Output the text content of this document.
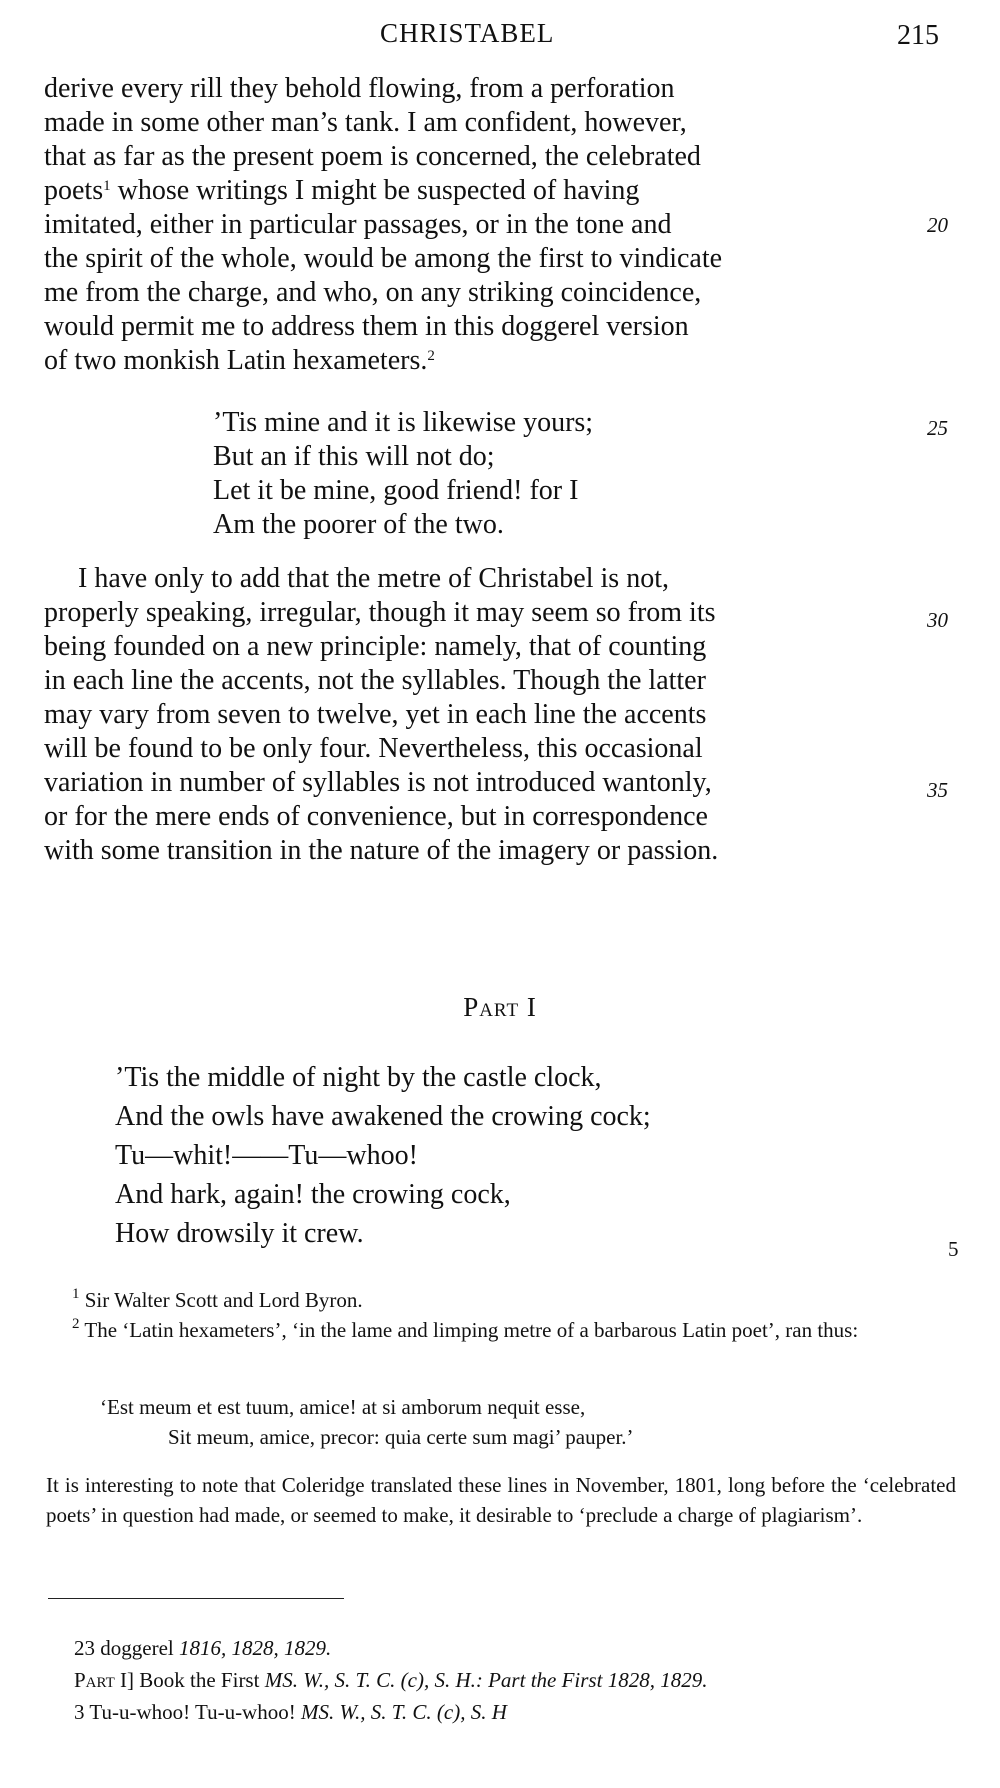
CHRISTABEL	215

derive every rill they behold flowing, from a perforation

made in some other man’s tank. I am confident, however,

that as far as the present poem is concerned, the celebrated

poets$^1$ whose writings I might be suspected of having

imitated, either in particular passages, or in the tone and

the spirit of the whole, would be among the first to vindicate

me from the charge, and who, on any striking coincidence,

would permit me to address them in this doggerel version

of two monkish Latin hexameters.$^2$

20
’Tis mine and it is likewise yours;
But an if this will not do;
Let it be mine, good friend! for I
Am the poorer of the two.
25

I have only to add that the metre of Christabel is not,

properly speaking, irregular, though it may seem so from its

being founded on a new principle: namely, that of counting

in each line the accents, not the syllables. Though the latter

may vary from seven to twelve, yet in each line the accents

will be found to be only four. Nevertheless, this occasional

variation in number of syllables is not introduced wantonly,

or for the mere ends of convenience, but in correspondence

with some transition in the nature of the imagery or passion.

30
35
Part I
’Tis the middle of night by the castle clock,
And the owls have awakened the crowing cock;
Tu—whit!——Tu—whoo!
And hark, again! the crowing cock,
How drowsily it crew.	5

$^1$ Sir Walter Scott and Lord Byron.

$^2$ The ‘Latin hexameters’, ‘in the lame and limping metre of a barbarous Latin poet’, ran thus:

‘Est meum et est tuum, amice! at si amborum nequit esse,
Sit meum, amice, precor: quia certe sum magi’ pauper.’

It is interesting to note that Coleridge translated these lines in November, 1801, long before the ‘celebrated poets’ in question had made, or seemed to make, it desirable to ‘preclude a charge of plagiarism’.

23 doggerel 1816, 1828, 1829.

Part I] Book the First MS. W., S. T. C. (c), S. H.: Part the First 1828, 1829.

3 Tu-u-whoo! Tu-u-whoo! MS. W., S. T. C. (c), S. H
